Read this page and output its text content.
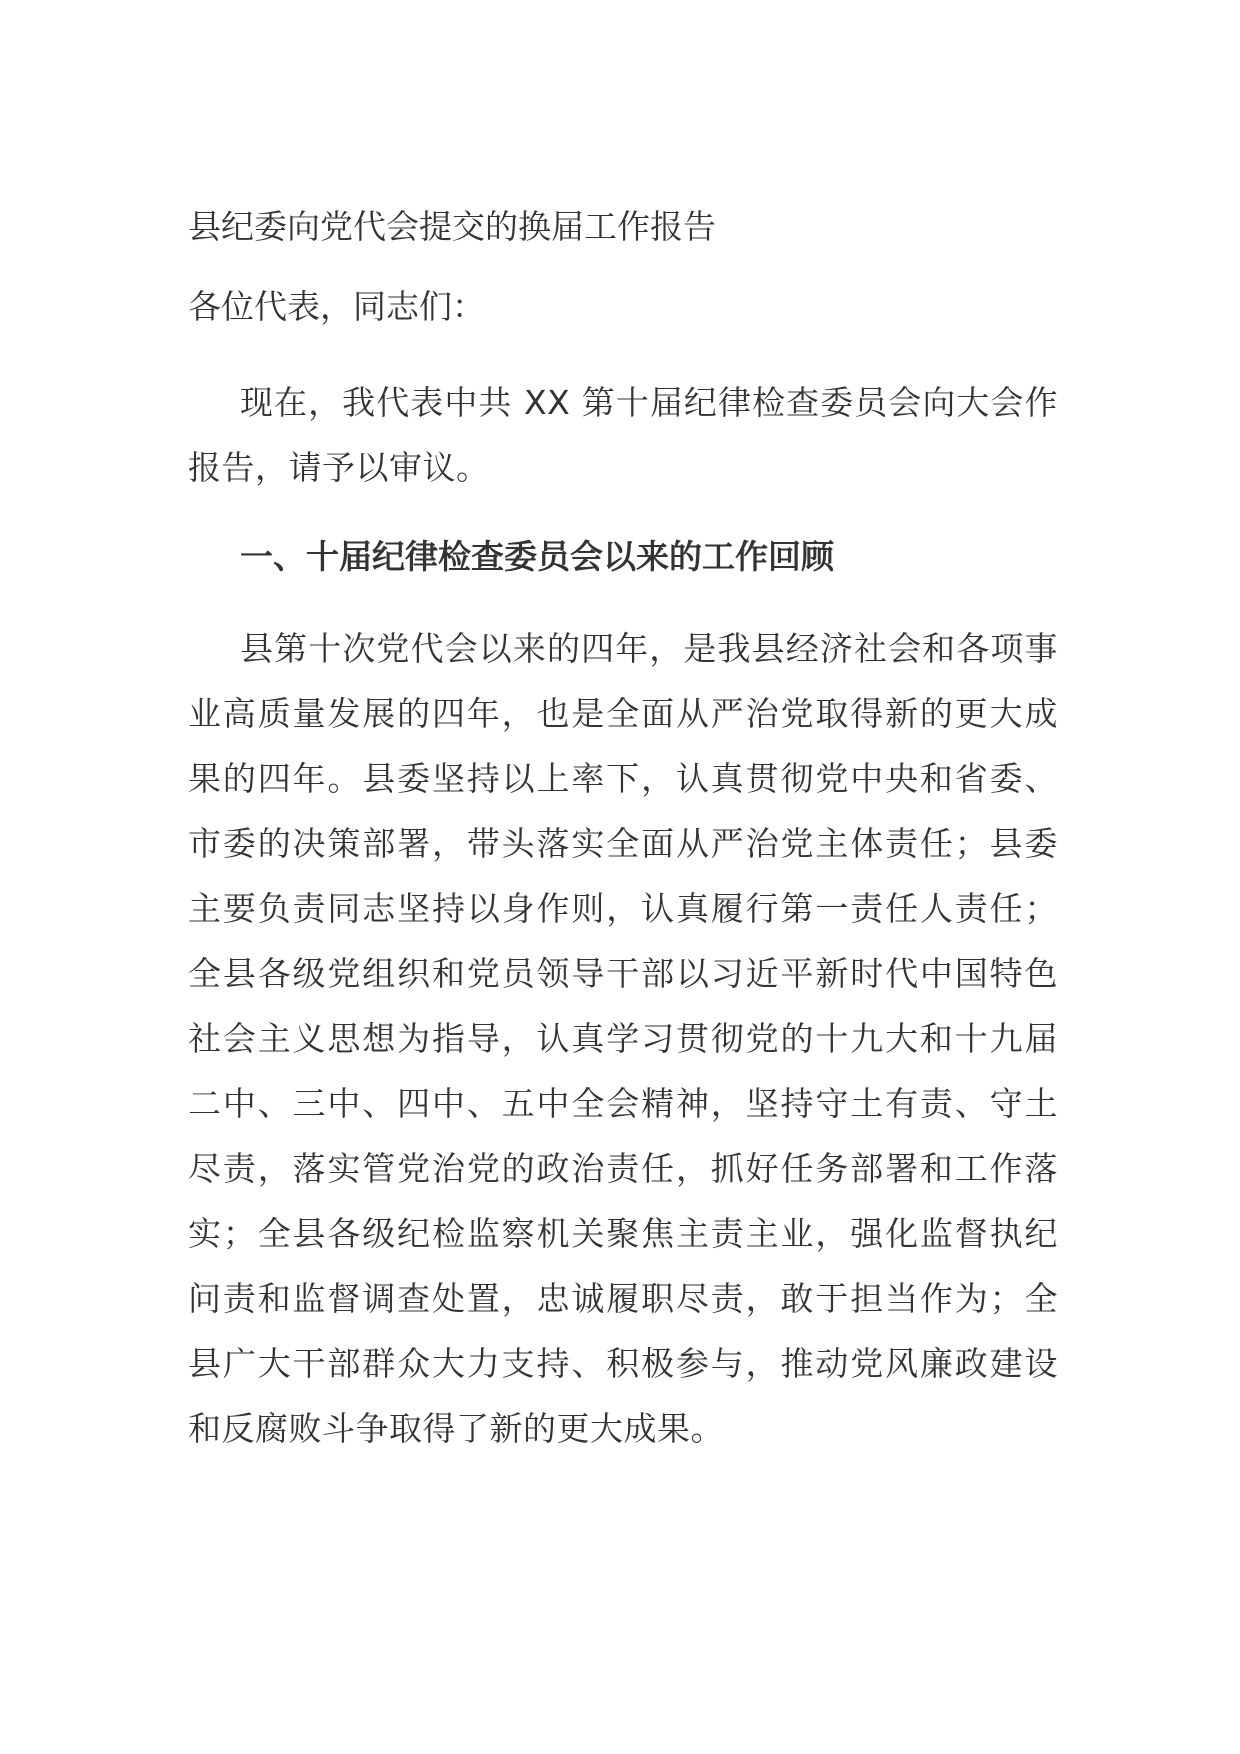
县纪委向党代会提交的换届工作报告
各位代表，同志们：

现在，我代表中共 XX 第十届纪律检查委员会向大会作报告，请予以审议。

一、十届纪律检查委员会以来的工作回顾

县第十次党代会以来的四年，是我县经济社会和各项事业高质量发展的四年，也是全面从严治党取得新的更大成果的四年。县委坚持以上率下，认真贯彻党中央和省委、市委的决策部署，带头落实全面从严治党主体责任；县委主要负责同志坚持以身作则，认真履行第一责任人责任；全县各级党组织和党员领导干部以习近平新时代中国特色社会主义思想为指导，认真学习贯彻党的十九大和十九届二中、三中、四中、五中全会精神，坚持守土有责、守土尽责，落实管党治党的政治责任，抓好任务部署和工作落实；全县各级纪检监察机关聚焦主责主业，强化监督执纪问责和监督调查处置，忠诚履职尽责，敢于担当作为；全县广大干部群众大力支持、积极参与，推动党风廉政建设和反腐败斗争取得了新的更大成果。
